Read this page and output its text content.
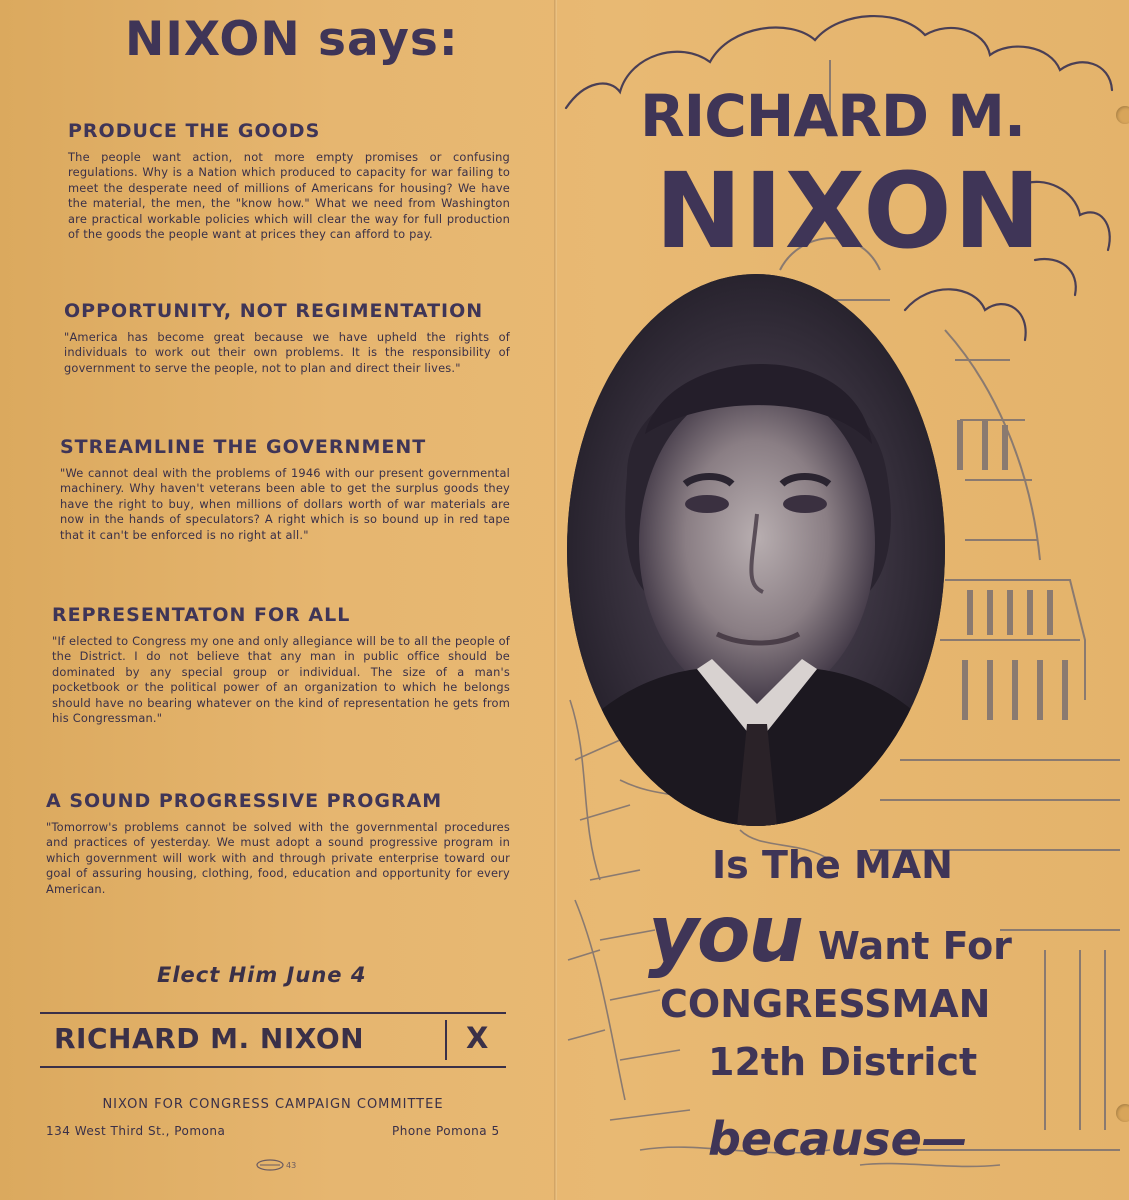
NIXON says:
PRODUCE THE GOODS

The people want action, not more empty promises or confusing regulations. Why is a Nation which produced to capacity for war failing to meet the desperate need of millions of Americans for housing? We have the material, the men, the "know how." What we need from Washington are practical workable policies which will clear the way for full production of the goods the people want at prices they can afford to pay.

OPPORTUNITY, NOT REGIMENTATION

"America has become great because we have upheld the rights of individuals to work out their own problems. It is the responsibility of government to serve the people, not to plan and direct their lives."

STREAMLINE THE GOVERNMENT

"We cannot deal with the problems of 1946 with our present governmental machinery. Why haven't veterans been able to get the surplus goods they have the right to buy, when millions of dollars worth of war materials are now in the hands of speculators? A right which is so bound up in red tape that it can't be enforced is no right at all."

REPRESENTATON FOR ALL

"If elected to Congress my one and only allegiance will be to all the people of the District. I do not believe that any man in public office should be dominated by any special group or individual. The size of a man's pocketbook or the political power of an organization to which he belongs should have no bearing whatever on the kind of representation he gets from his Congressman."

A SOUND PROGRESSIVE PROGRAM

"Tomorrow's problems cannot be solved with the governmental procedures and practices of yesterday. We must adopt a sound progressive program in which government will work with and through private enterprise toward our goal of assuring housing, clothing, food, education and opportunity for every American.

Elect Him June 4
RICHARD M. NIXON	X
NIXON FOR CONGRESS CAMPAIGN COMMITTEE
134 West Third St., Pomona	Phone Pomona 5
43
RICHARD M.
NIXON
Is The MAN
you Want For
CONGRESSMAN
12th District
because—
